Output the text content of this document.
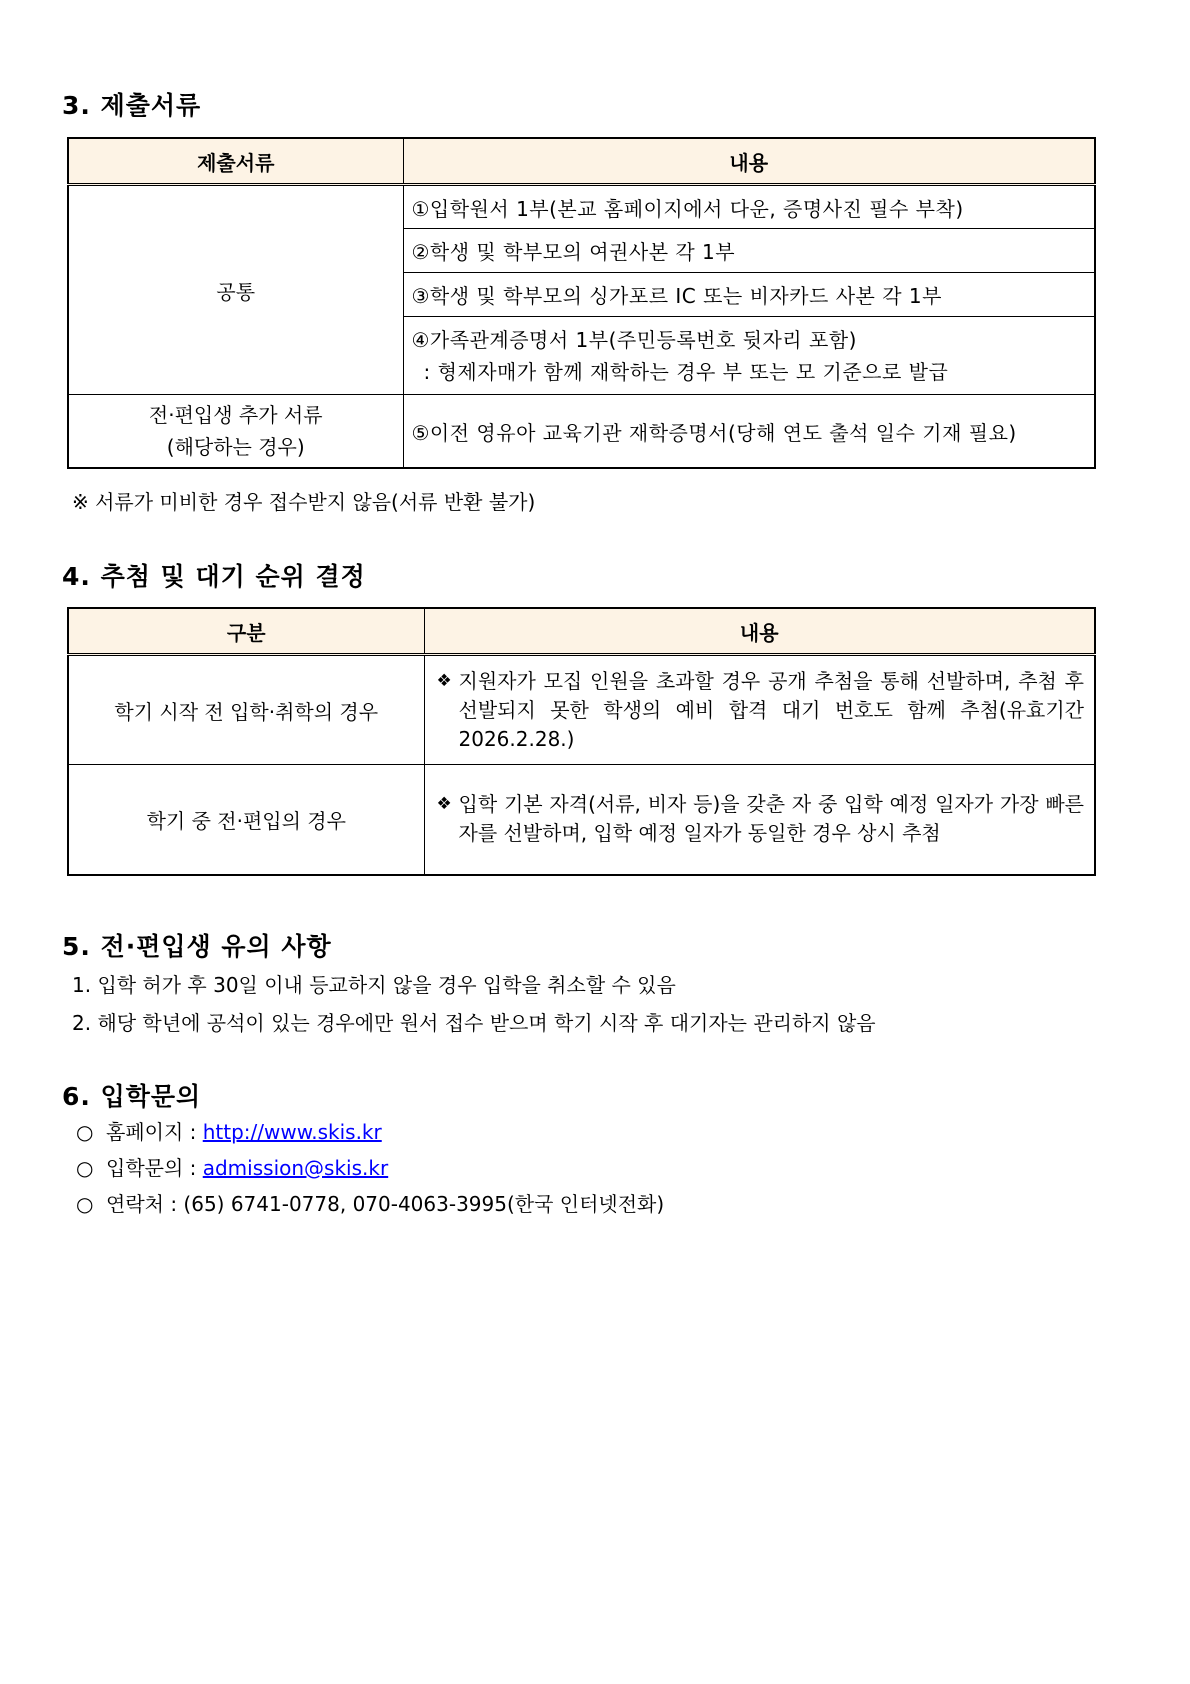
3. 제출서류
제출서류	내용
공통	①입학원서 1부(본교 홈페이지에서 다운, 증명사진 필수 부착)
	②학생 및 학부모의 여권사본 각 1부
	③학생 및 학부모의 싱가포르 IC 또는 비자카드 사본 각 1부
	④가족관계증명서 1부(주민등록번호 뒷자리 포함)
: 형제자매가 함께 재학하는 경우 부 또는 모 기준으로 발급

전·편입생 추가 서류
(해당하는 경우)	⑤이전 영유아 교육기관 재학증명서(당해 연도 출석 일수 기재 필요)

※ 서류가 미비한 경우 접수받지 않음(서류 반환 불가)

4. 추첨 및 대기 순위 결정
구분	내용
학기 시작 전 입학·취학의 경우	❖ 지원자가 모집 인원을 초과할 경우 공개 추첨을 통해 선발하며, 추첨 후 선발되지 못한 학생의 예비 합격 대기 번호도 함께 추첨(유효기간 2026.2.28.)

학기 중 전·편입의 경우	❖ 입학 기본 자격(서류, 비자 등)을 갖춘 자 중 입학 예정 일자가 가장 빠른 자를 선발하며, 입학 예정 일자가 동일한 경우 상시 추첨
5. 전·편입생 유의 사항
1. 입학 허가 후 30일 이내 등교하지 않을 경우 입학을 취소할 수 있음
2. 해당 학년에 공석이 있는 경우에만 원서 접수 받으며 학기 시작 후 대기자는 관리하지 않음
6. 입학문의
○ 홈페이지 : http://www.skis.kr
○ 입학문의 : admission@skis.kr
○ 연락처 : (65) 6741-0778, 070-4063-3995(한국 인터넷전화)
